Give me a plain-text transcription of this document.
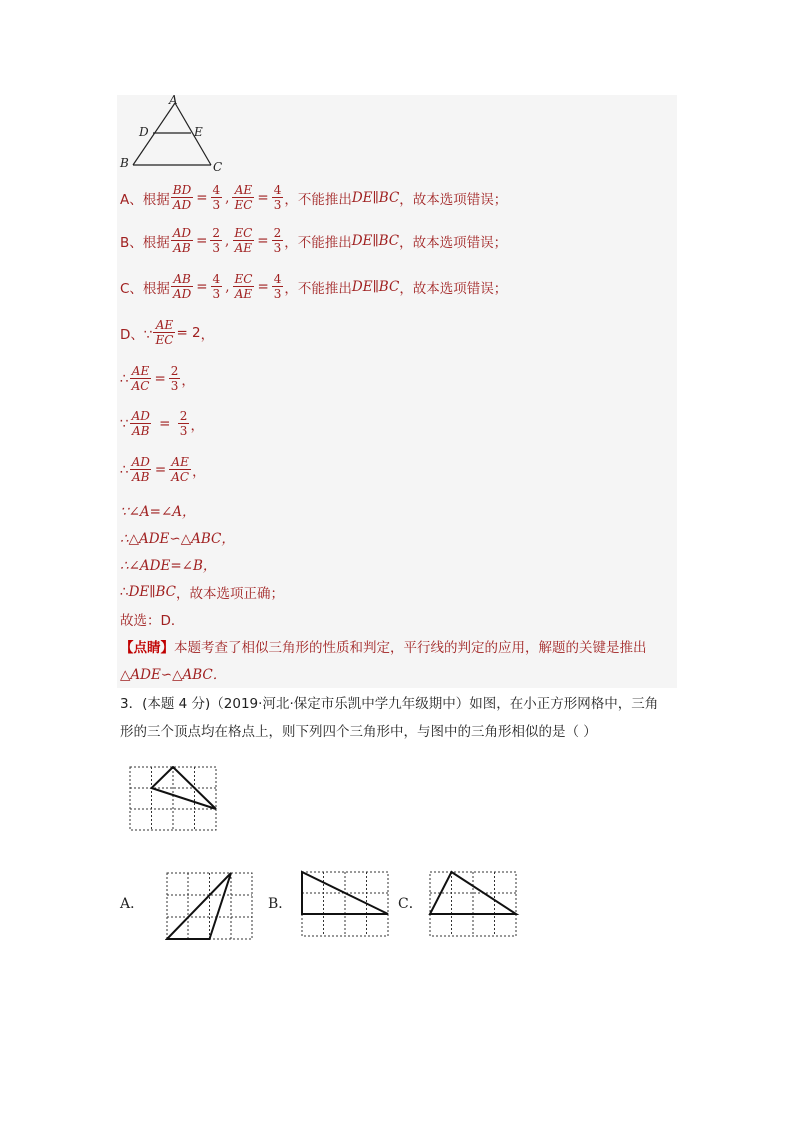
A
D	E
B	C
A、根据 $\frac{BD}{AD} = \frac{4}{3}$ , $\frac{AE}{EC} = \frac{4}{3}$ ，不能推出 DE∥BC ，故本选项错误；
B、根据 $\frac{AD}{AB} = \frac{2}{3}$ , $\frac{EC}{AE} = \frac{2}{3}$ ，不能推出 DE∥BC ，故本选项错误；
C、根据 $\frac{AB}{AD} = \frac{4}{3}$ , $\frac{EC}{AE} = \frac{4}{3}$ ，不能推出 DE∥BC ，故本选项错误；
D、∵ $\frac{AE}{EC} = 2$ ，
∴ $\frac{AE}{AC} = \frac{2}{3}$ ，
∵ $\frac{AD}{AB} = \frac{2}{3}$ ，
∴ $\frac{AD}{AB} = \frac{AE}{AC}$ ，
∵∠A=∠A，
∴△ADE∽△ABC，
∴∠ADE=∠B，
∴ DE∥BC ，故本选项正确；
故选：D．
【点睛】 本题考查了相似三角形的性质和判定，平行线的判定的应用，解题的关键是推出
△ADE∽△ABC．
3．(本题 4 分)（2019·河北·保定市乐凯中学九年级期中）如图，在小正方形网格中，三角
形的三个顶点均在格点上，则下列四个三角形中，与图中的三角形相似的是（ ）
A．	B．	C．
